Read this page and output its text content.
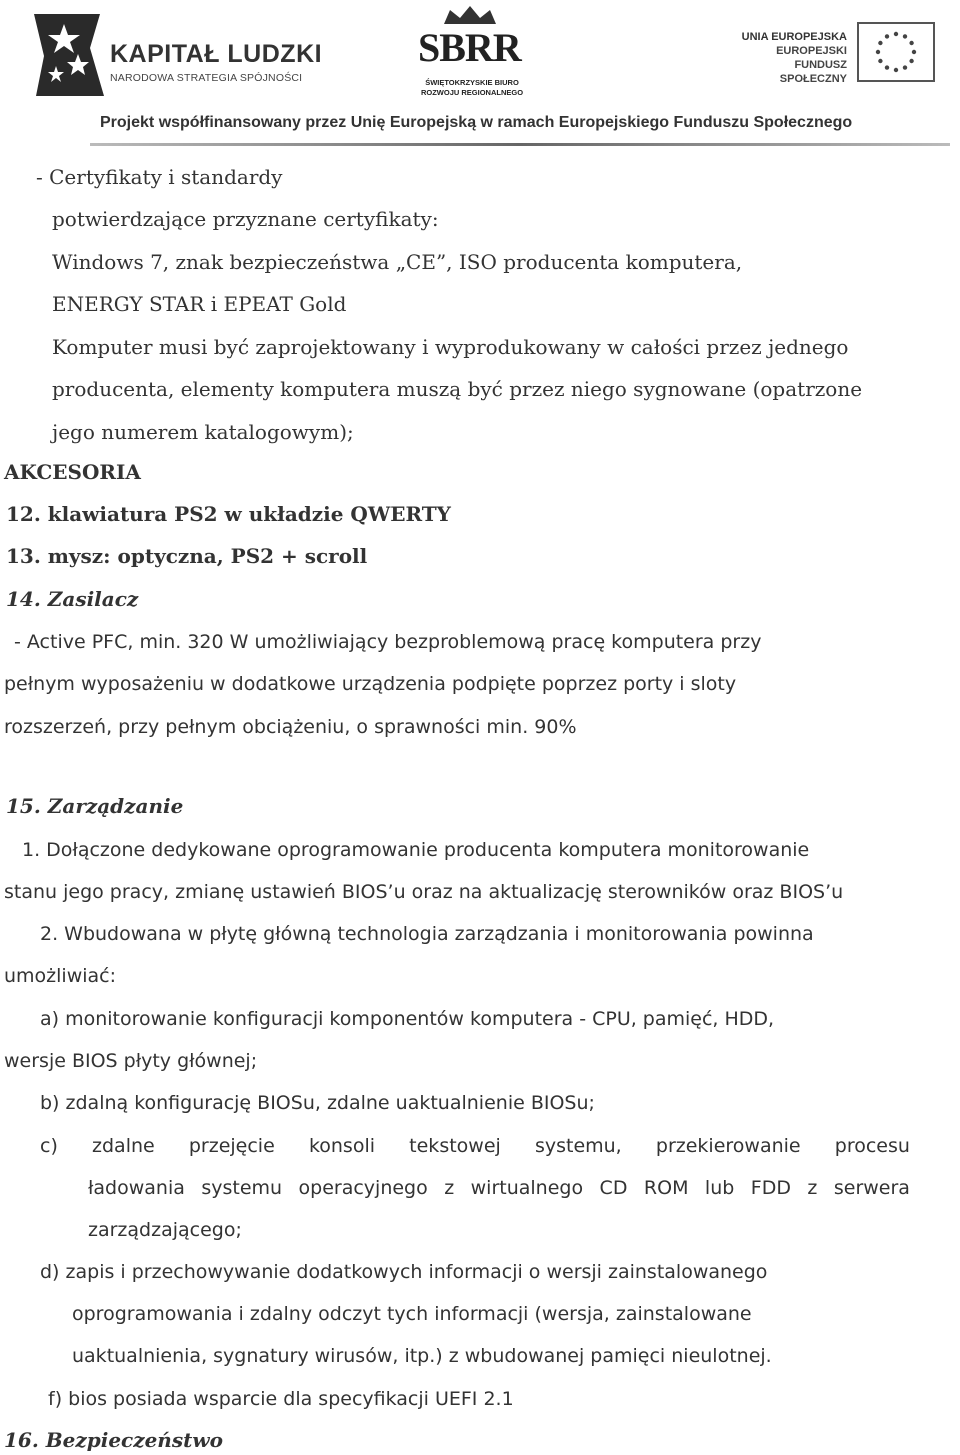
KAPITAŁ LUDZKI
NARODOWA STRATEGIA SPÓJNOŚCI
SBRR
ŚWIĘTOKRZYSKIE BIURO
ROZWOJU REGIONALNEGO
UNIA EUROPEJSKA
EUROPEJSKI
FUNDUSZ SPOŁECZNY
Projekt współfinansowany przez Unię Europejską w ramach Europejskiego Funduszu Społecznego
- Certyfikaty i standardy
potwierdzające przyznane certyfikaty:
Windows 7, znak bezpieczeństwa „CE”, ISO producenta komputera,
ENERGY STAR i EPEAT Gold
Komputer musi być zaprojektowany i wyprodukowany w całości przez jednego
producenta, elementy komputera muszą być przez niego sygnowane (opatrzone
jego numerem katalogowym);
AKCESORIA
12. klawiatura PS2 w układzie QWERTY
13. mysz: optyczna, PS2 + scroll
14. Zasilacz
- Active PFC, min. 320 W umożliwiający bezproblemową pracę komputera przy
pełnym wyposażeniu w dodatkowe urządzenia podpięte poprzez porty i sloty
rozszerzeń, przy pełnym obciążeniu, o sprawności min. 90%
15. Zarządzanie
1. Dołączone dedykowane oprogramowanie producenta komputera monitorowanie
stanu jego pracy, zmianę ustawień BIOS’u oraz na aktualizację sterowników oraz BIOS’u
2. Wbudowana w płytę główną technologia zarządzania i monitorowania powinna
umożliwiać:
a) monitorowanie konfiguracji komponentów komputera - CPU, pamięć, HDD,
wersje BIOS płyty głównej;
b) zdalną konfigurację BIOSu, zdalne uaktualnienie BIOSu;
c) zdalne przejęcie konsoli tekstowej systemu, przekierowanie procesu
ładowania systemu operacyjnego z wirtualnego CD ROM lub FDD z serwera
zarządzającego;
d) zapis i przechowywanie dodatkowych informacji o wersji zainstalowanego
oprogramowania i zdalny odczyt tych informacji (wersja, zainstalowane
uaktualnienia, sygnatury wirusów, itp.) z wbudowanej pamięci nieulotnej.
f) bios posiada wsparcie dla specyfikacji UEFI 2.1
16. Bezpieczeństwo
